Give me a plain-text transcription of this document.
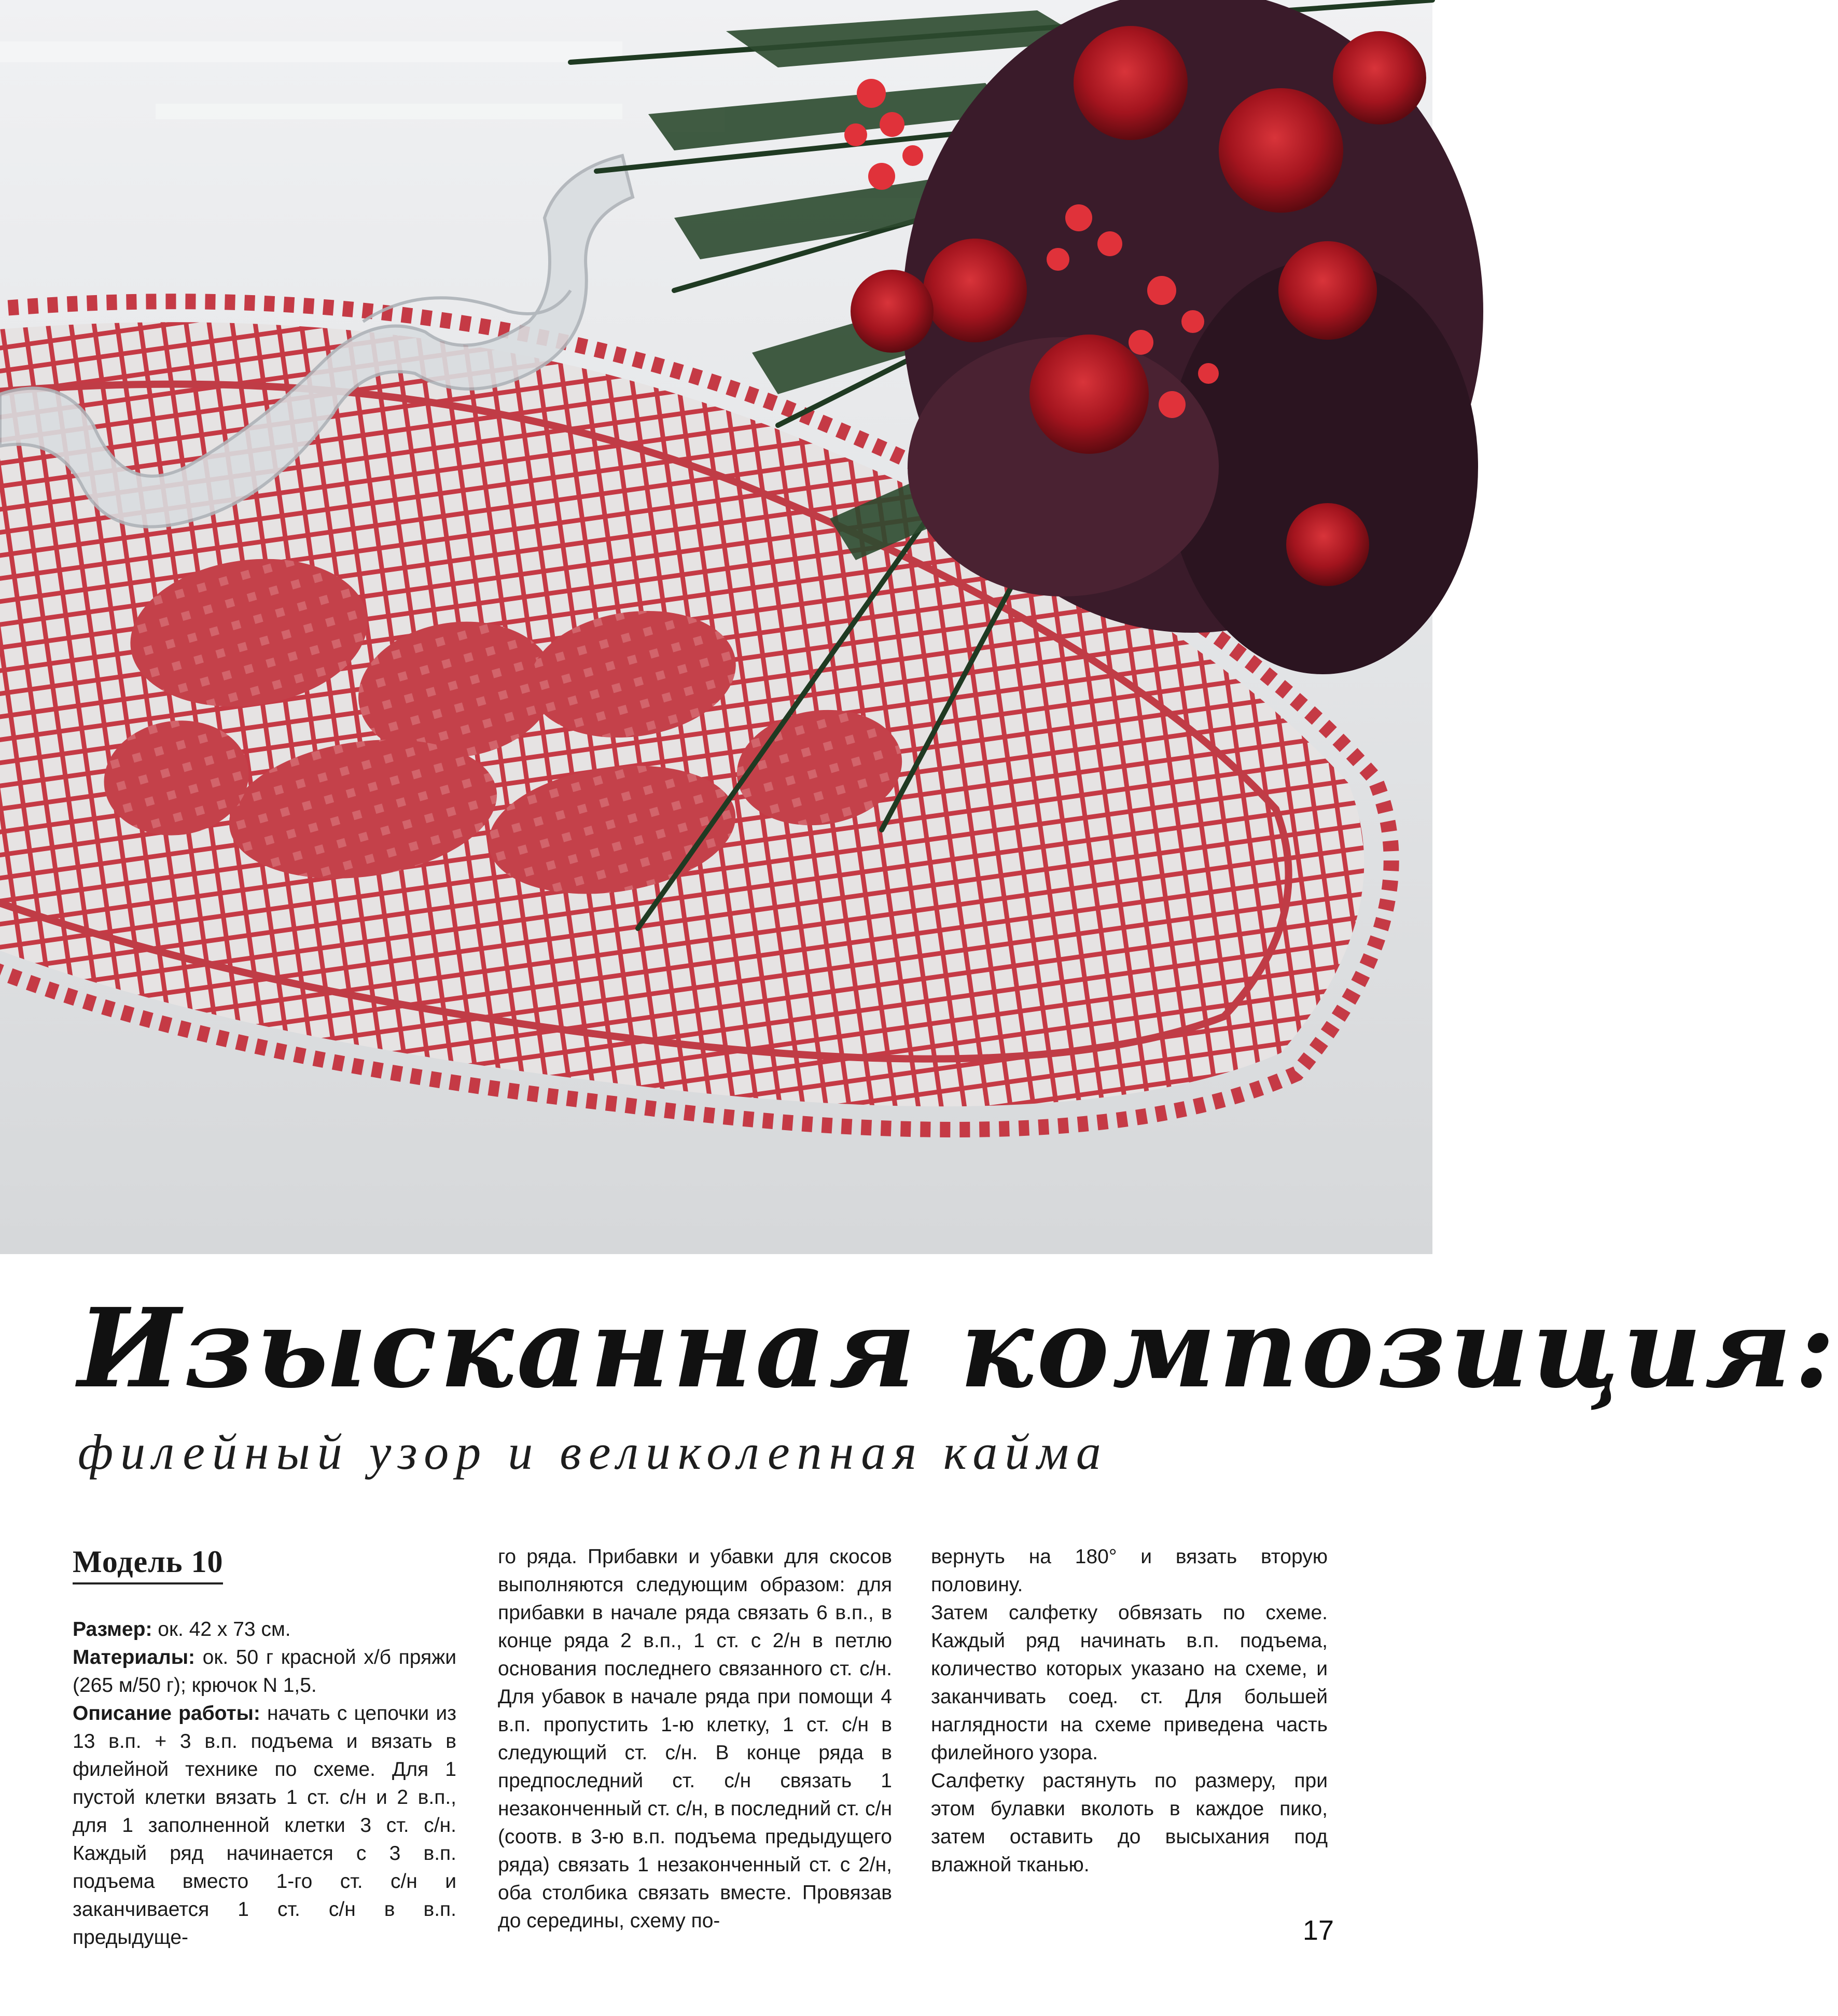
Изысканная композиция:
филейный узор и великолепная кайма
Модель 10

Размер: ок. 42 х 73 см.

Материалы: ок. 50 г красной х/б пряжи (265 м/50 г); крючок N 1,5.

Описание работы: начать с цепочки из 13 в.п. + 3 в.п. подъема и вязать в филейной технике по схеме. Для 1 пустой клетки вязать 1 ст. с/н и 2 в.п., для 1 заполненной клетки 3 ст. с/н. Каждый ряд начинается с 3 в.п. подъема вместо 1-го ст. с/н и заканчивается 1 ст. с/н в в.п. предыдуще-

го ряда. Прибавки и убавки для скосов выполняются следующим образом: для прибавки в начале ряда связать 6 в.п., в конце ряда 2 в.п., 1 ст. с 2/н в петлю основания последнего связанного ст. с/н. Для убавок в начале ряда при помощи 4 в.п. пропустить 1-ю клетку, 1 ст. с/н в следующий ст. с/н. В конце ряда в предпоследний ст. с/н связать 1 незаконченный ст. с/н, в последний ст. с/н (соотв. в 3-ю в.п. подъема предыдущего ряда) связать 1 незаконченный ст. с 2/н, оба столбика связать вместе. Провязав до середины, схему по-

вернуть на 180° и вязать вторую половину.

Затем салфетку обвязать по схеме. Каждый ряд начинать в.п. подъема, количество которых указано на схеме, и заканчивать соед. ст. Для большей наглядности на схеме приведена часть филейного узора.

Салфетку растянуть по размеру, при этом булавки вколоть в каждое пико, затем оставить до высыхания под влажной тканью.

17
